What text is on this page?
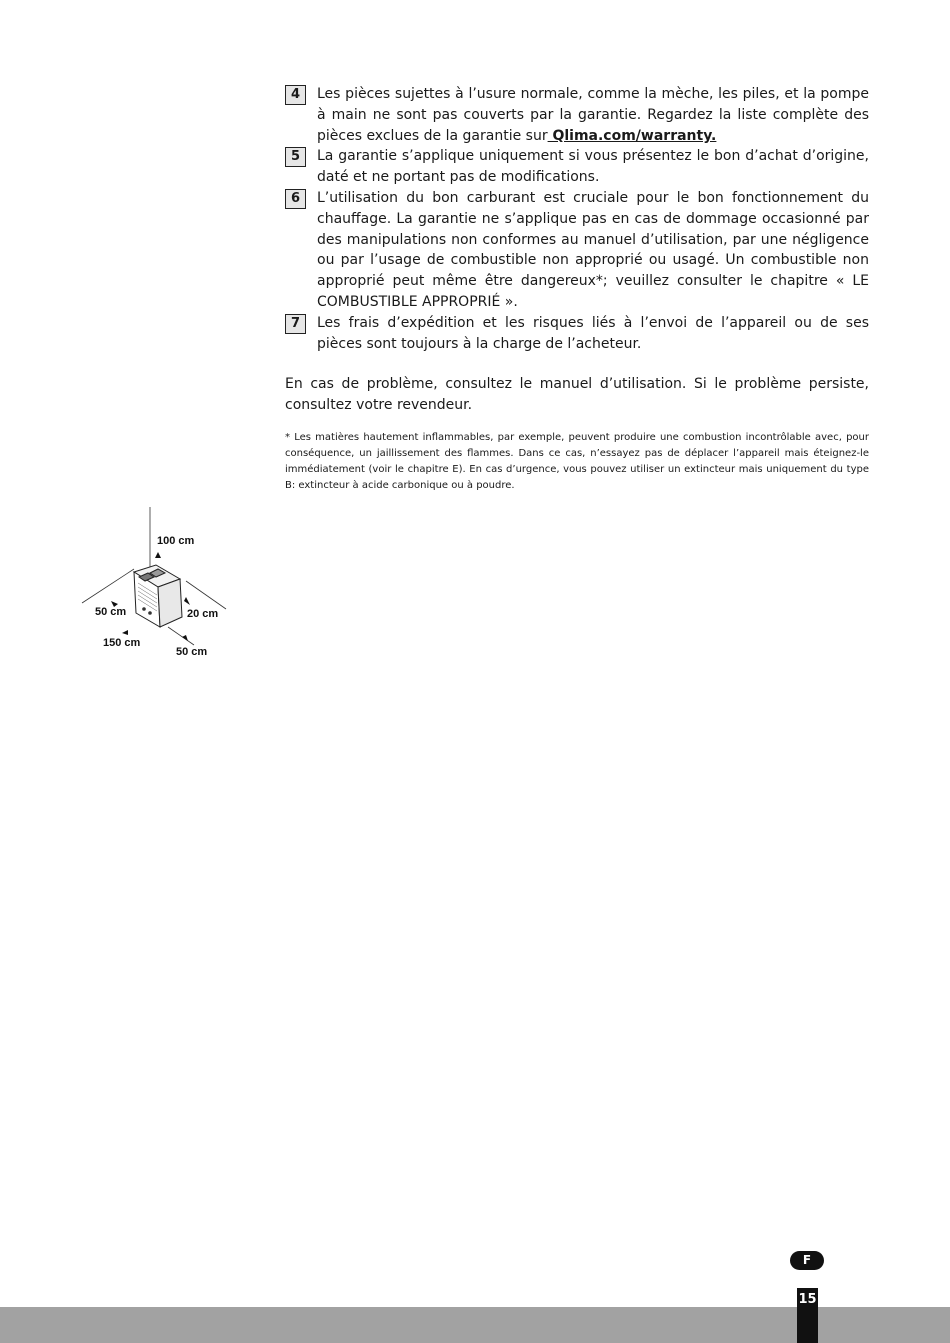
4	Les pièces sujettes à l’usure normale, comme la mèche, les piles, et la pompe à main ne sont pas couverts par la garantie. Regardez la liste complète des pièces exclues de la garantie sur Qlima.com/warranty.
5	La garantie s’applique uniquement si vous présentez le bon d’achat d’origine, daté et ne portant pas de modifications.
6	L’utilisation du bon carburant est cruciale pour le bon fonctionnement du chauffage. La garantie ne s’applique pas en cas de dommage occasionné par des manipulations non conformes au manuel d’utilisation, par une négligence ou par l’usage de combustible non approprié ou usagé. Un combustible non approprié peut même être dangereux*; veuillez consulter le chapitre « LE COMBUSTIBLE APPROPRIÉ ».
7	Les frais d’expédition et les risques liés à l’envoi de l’appareil ou de ses pièces sont toujours à la charge de l’acheteur.
En cas de problème, consultez le manuel d’utilisation. Si le problème persiste, consultez votre revendeur.
* Les matières hautement inflammables, par exemple, peuvent produire une combustion incontrôlable avec, pour conséquence, un jaillissement des flammes. Dans ce cas, n’essayez pas de déplacer l’appareil mais éteignez-le immédiatement (voir le chapitre E). En cas d’urgence, vous pouvez utiliser un extincteur mais uniquement du type B: extincteur à acide carbonique ou à poudre.
100 cm
50 cm	20 cm
150 cm
50 cm
F
15
